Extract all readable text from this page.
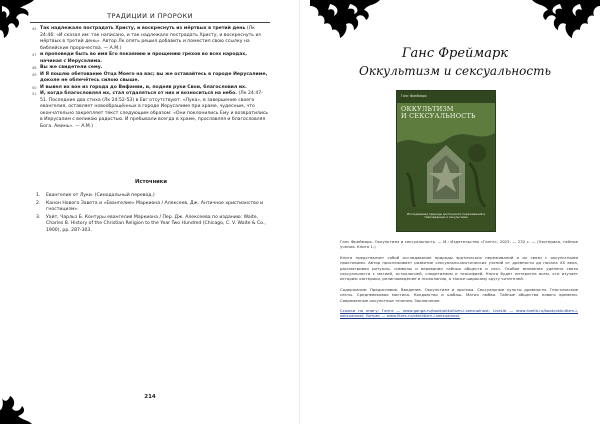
ТРАДИЦИИ И ПРОРОКИ

45 Так надлежало пострадать Христу, и воскреснуть из мёртвых в третий день (Лк 24:46: «И сказал им: так написано, и так надлежало пострадать Христу, и воскреснуть из мёртвых в третий день». Автор Лк опять решил добавить и поместил свою ссылку на библейские пророчества. — А.М.)

47 и проповеди быть во имя Его покаянию и прощению грехов во всех народах, начиная с Иерусалима.

48 Вы же свидетели сему.

49 И Я пошлю обетование Отца Моего на вас; вы же оставайтесь в городе Иерусалиме, доколе не облечётесь силою свыше.

50 И вывел их вон из города до Вифании, и, подняв руки Свои, благословил их.

51 И, когда благословлял их, стал отдаляться от них и возноситься на небо. (Лк 24:47-51. Последние два стиха (Лк 24:52-53) в Евг отсутствуют. «Лука», в завершение своего евангелия, оставляет новообращённых в городе Иерусалиме при храме, чудесным, что окончательно закрепляет текст следующим образом: «Они поклонились Ему и возвратились в Иерусалим с великою радостью. И пребывали всегда в храме, прославляя и благословляя Бога. Аминь». — А.М.)

Источники

1. Евангелие от Луки. (Синодальный перевод.)

2. Канон Нового Завета и «Евангелие» Маркиона / Алексеев, Дж. Античное христианство и гностицизм».

3. Уайт, Чарльз Б. Контуры евангелия Маркиона / Пер. Дж. Алексеева по изданию: Waite, Charles B. History of the Christian Religion to the Year Two Hundred (Chicago, C. V. Waite & Co., 1900), pp. 287-303.

214
Ганс Фреймарк
Оккультизм и сексуальность
Ганс Фреймарк
ОККУЛЬТИЗМ
И СЕКСУАЛЬНОСТЬ
Исследование природы эротических переживаний в тайноведении и оккультизме

Ганс Фреймарк. Оккультизм и сексуальность. — М.: Издательство «Ганга», 2025. — 232 с. — (Эзотерика, тайные учения. Книга 1.)

Книга представляет собой исследование природы эротических переживаний и их связи с оккультными практиками. Автор прослеживает развитие сексуально-мистических учений от древности до начала XX века, рассматривая ритуалы, символы и верования тайных обществ и сект. Особое внимание уделено связи сексуальности с магией, астрологией, спиритизмом и теософией. Книга будет интересна всем, кто изучает историю эзотерики, религиоведение и психологию, а также широкому кругу читателей.

Содержание: Предисловие. Введение. Оккультизм и эротика. Сексуальные культы древности. Гностические секты. Средневековая мистика. Колдовство и шабаш. Магия любви. Тайные общества нового времени. Современные оккультные течения. Заключение.

Ссылки на книгу: Ганга — www.ganga.ru/book/okkultizm-i-seksualnost; LiveLib — www.livelib.ru/book/okkultizm-i-seksualnost; Литрес — www.litres.ru/okkultizm-i-seksualnost.
